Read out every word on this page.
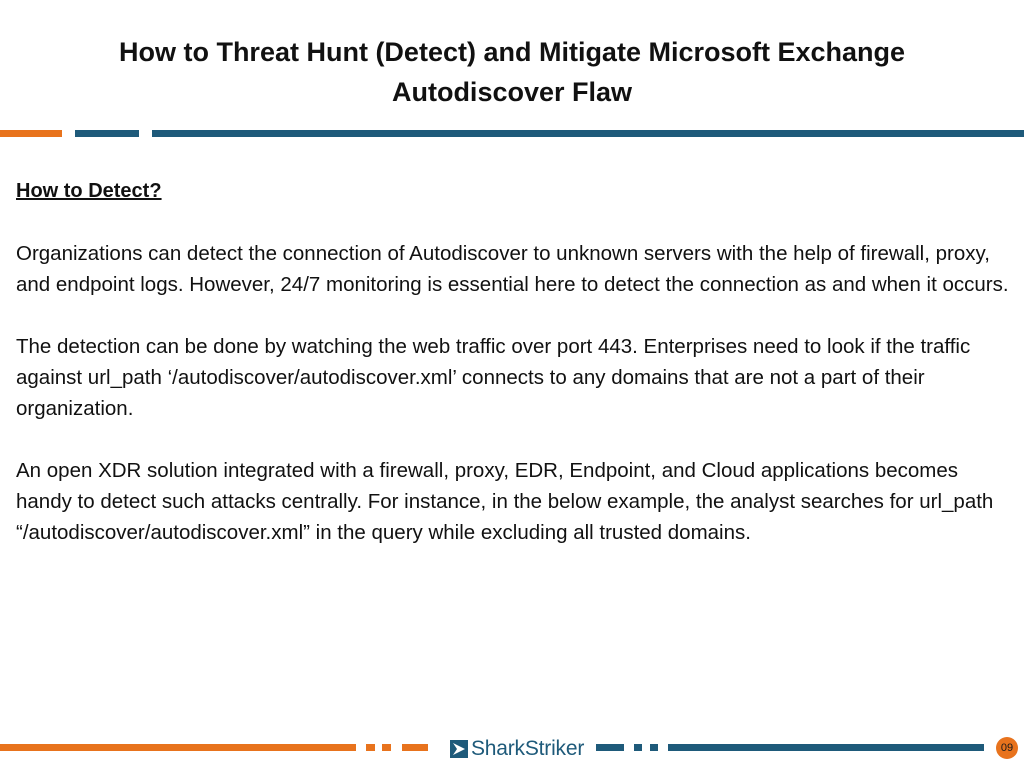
How to Threat Hunt (Detect) and Mitigate Microsoft Exchange
Autodiscover Flaw
How to Detect?
Organizations can detect the connection of Autodiscover to unknown servers with the help of firewall, proxy, and endpoint logs. However, 24/7 monitoring is essential here to detect the connection as and when it occurs.
The detection can be done by watching the web traffic over port 443. Enterprises need to look if the traffic against url_path ‘/autodiscover/autodiscover.xml’ connects to any domains that are not a part of their organization.
An open XDR solution integrated with a firewall, proxy, EDR, Endpoint, and Cloud applications becomes handy to detect such attacks centrally. For instance, in the below example, the analyst searches for url_path “/autodiscover/autodiscover.xml” in the query while excluding all trusted domains.
SharkStriker	09
